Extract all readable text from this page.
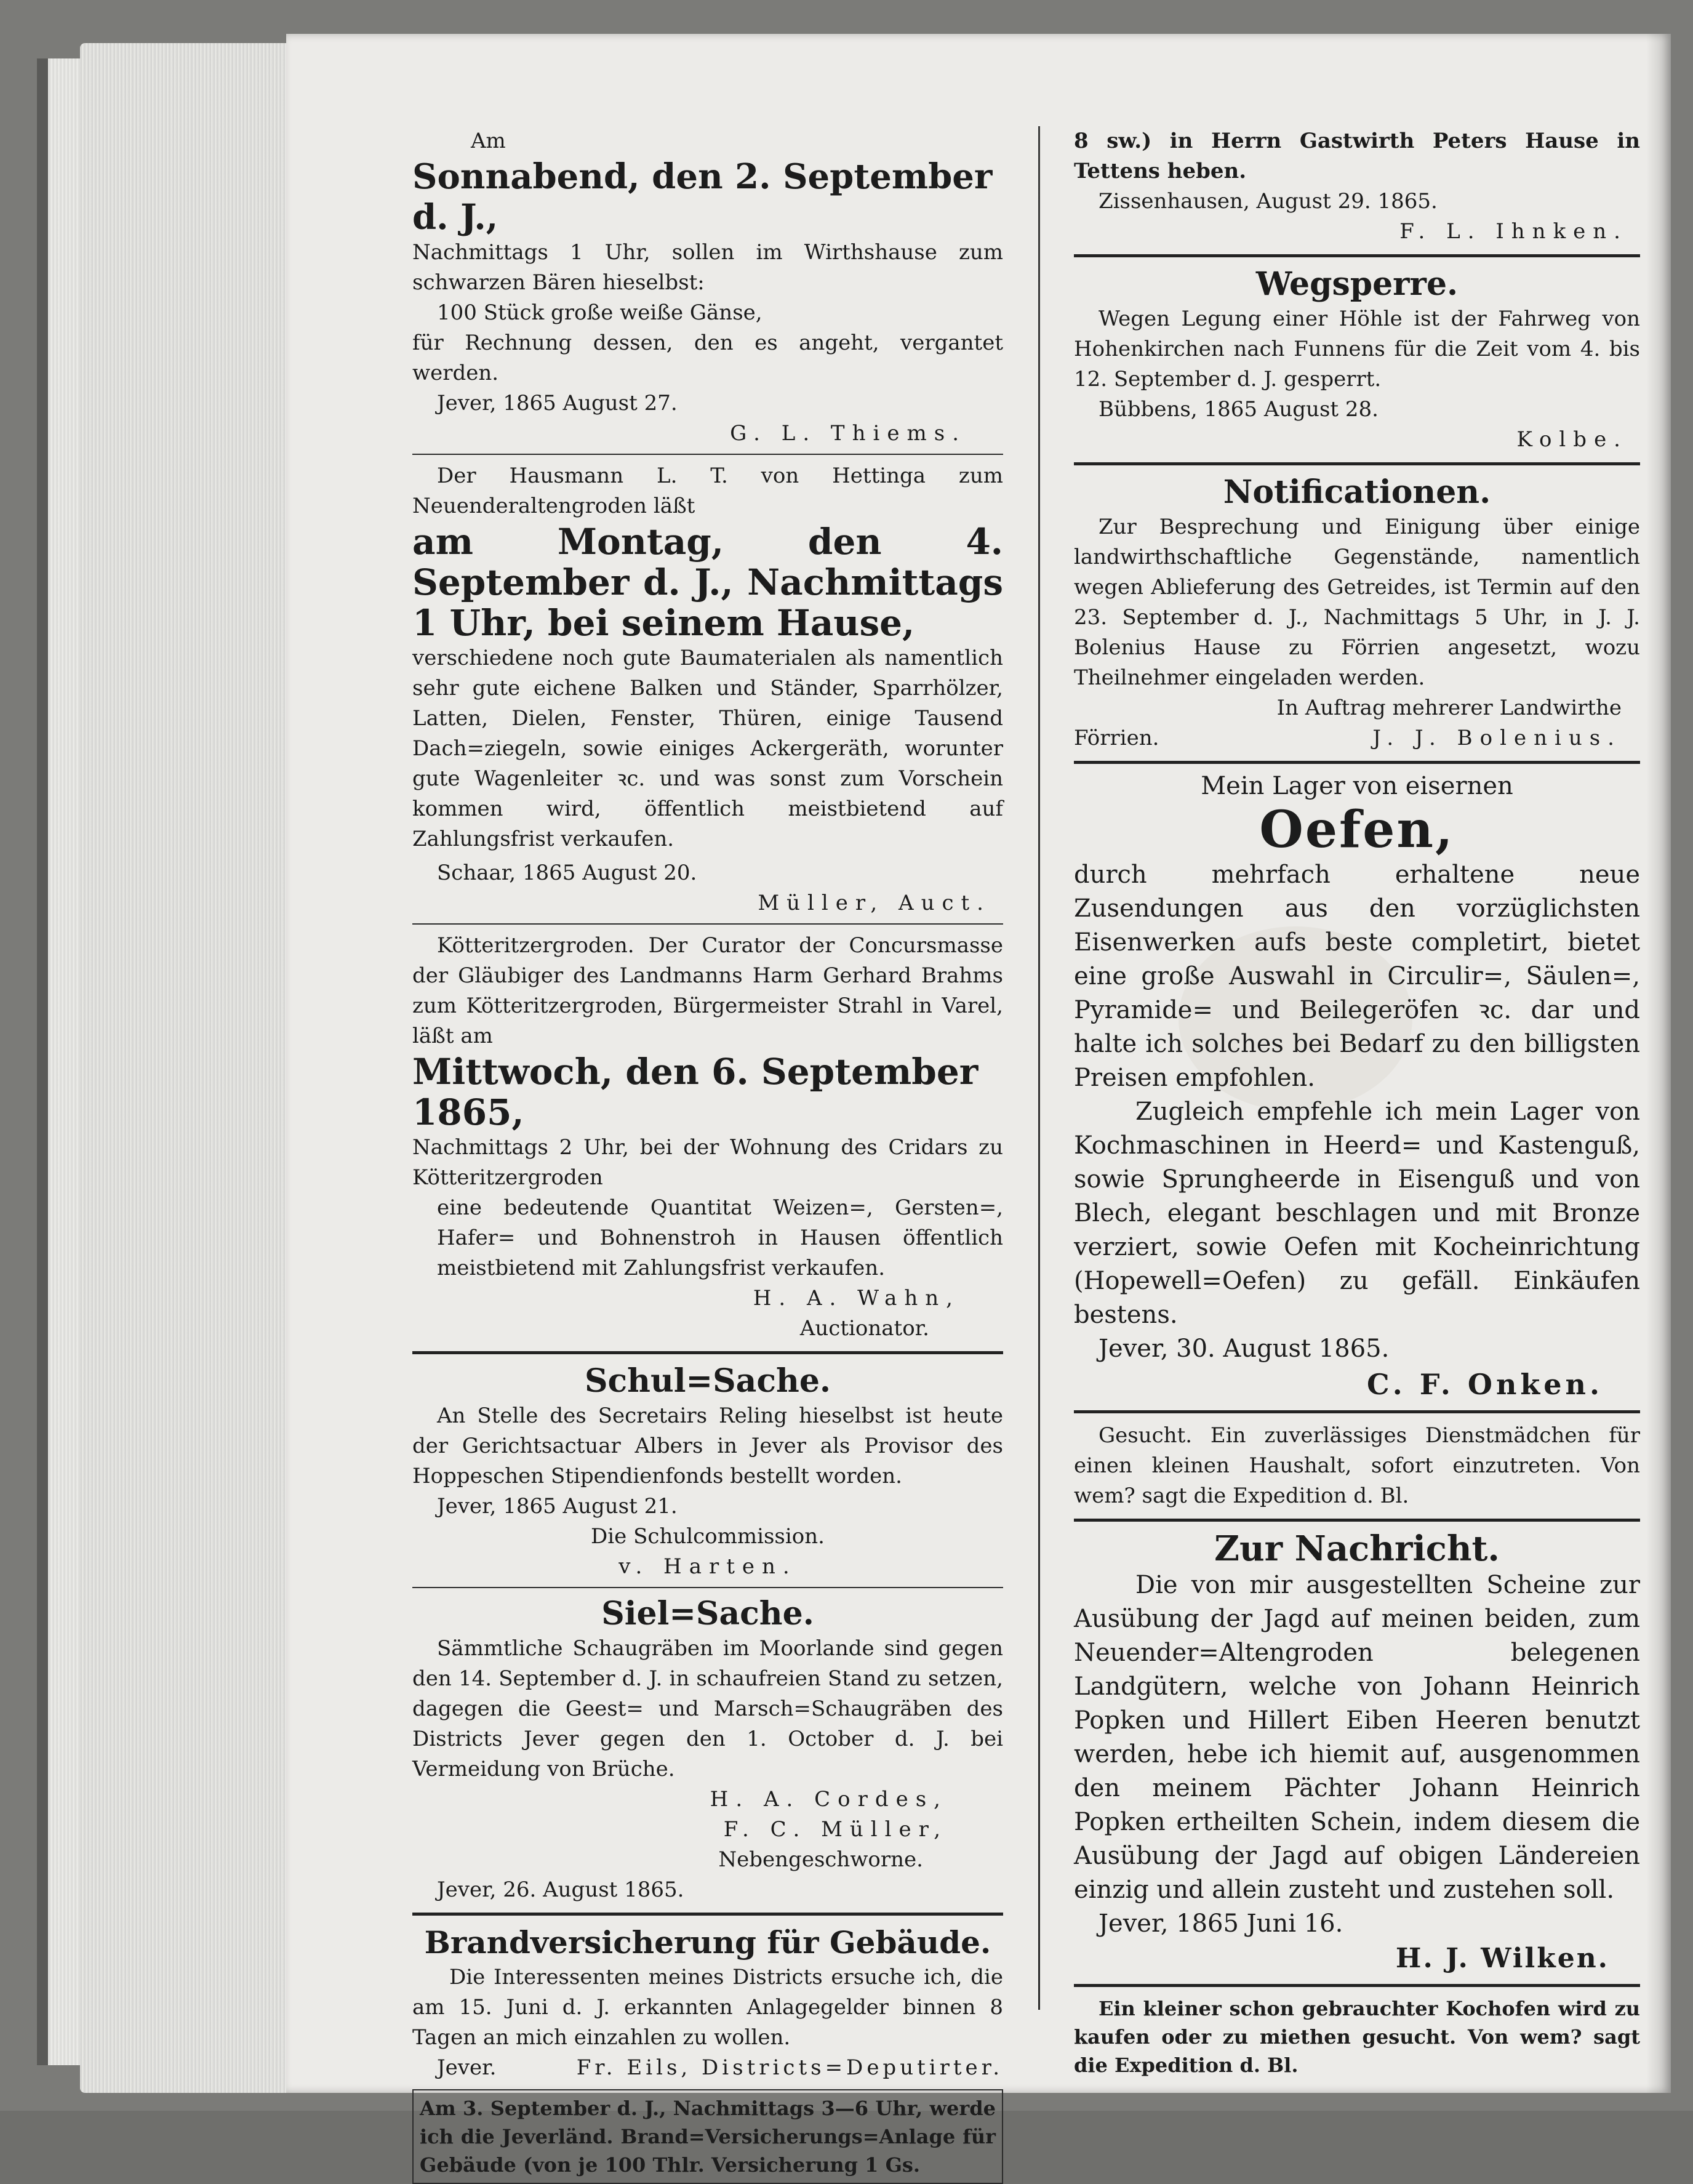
Am
Sonnabend, den 2. September d. J.,
Nachmittags 1 Uhr, sollen im Wirthshause zum schwarzen Bären hieselbst:
100 Stück große weiße Gänse,
für Rechnung dessen, den es angeht, vergantet werden.
Jever, 1865 August 27.
G. L. Thiems.
Der Hausmann L. T. von Hettinga zum Neuenderaltengroden läßt
am Montag, den 4. September d. J., Nachmittags 1 Uhr, bei seinem Hause,
verschiedene noch gute Baumaterialen als namentlich sehr gute eichene Balken und Ständer, Sparrhölzer, Latten, Dielen, Fenster, Thüren, einige Tausend Dach=ziegeln, sowie einiges Ackergeräth, worunter gute Wagenleiter ꝛc. und was sonst zum Vorschein kommen wird, öffentlich meistbietend auf Zahlungsfrist verkaufen.
Schaar, 1865 August 20.
Müller, Auct.
Kötteritzergroden. Der Curator der Concursmasse der Gläubiger des Landmanns Harm Gerhard Brahms zum Kötteritzergroden, Bürgermeister Strahl in Varel, läßt am
Mittwoch, den 6. September 1865,
Nachmittags 2 Uhr, bei der Wohnung des Cridars zu Kötteritzergroden
eine bedeutende Quantitat Weizen=, Gersten=, Hafer= und Bohnenstroh in Hausen öffentlich meistbietend mit Zahlungsfrist verkaufen.
H. A. Wahn,
Auctionator.
Schul=Sache.
An Stelle des Secretairs Reling hieselbst ist heute der Gerichtsactuar Albers in Jever als Provisor des Hoppeschen Stipendienfonds bestellt worden.
Jever, 1865 August 21.
Die Schulcommission.
v. Harten.
Siel=Sache.
Sämmtliche Schaugräben im Moorlande sind gegen den 14. September d. J. in schaufreien Stand zu setzen, dagegen die Geest= und Marsch=Schaugräben des Districts Jever gegen den 1. October d. J. bei Vermeidung von Brüche.
H. A. Cordes,
F. C. Müller,
Nebengeschworne.
Jever, 26. August 1865.
Brandversicherung für Gebäude.
Die Interessenten meines Districts ersuche ich, die am 15. Juni d. J. erkannten Anlagegelder binnen 8 Tagen an mich einzahlen zu wollen.
Jever.	Fr. Eils, Districts=Deputirter.
Am 3. September d. J., Nachmittags 3—6 Uhr, werde ich die Jeverländ. Brand=Versicherungs=Anlage für Gebäude (von je 100 Thlr. Versicherung 1 Gs.
8 sw.) in Herrn Gastwirth Peters Hause in Tettens heben.
Zissenhausen, August 29. 1865.
F. L. Ihnken.
Wegsperre.
Wegen Legung einer Höhle ist der Fahrweg von Hohenkirchen nach Funnens für die Zeit vom 4. bis 12. September d. J. gesperrt.
Bübbens, 1865 August 28.
Kolbe.
Notificationen.
Zur Besprechung und Einigung über einige landwirthschaftliche Gegenstände, namentlich wegen Ablieferung des Getreides, ist Termin auf den 23. September d. J., Nachmittags 5 Uhr, in J. J. Bolenius Hause zu Förrien angesetzt, wozu Theilnehmer eingeladen werden.
In Auftrag mehrerer Landwirthe
Förrien.	J. J. Bolenius.
Mein Lager von eisernen
Oefen,
durch mehrfach erhaltene neue Zusendungen aus den vorzüglichsten Eisenwerken aufs beste completirt, bietet eine große Auswahl in Circulir=, Säulen=, Pyramide= und Beilegeröfen ꝛc. dar und halte ich solches bei Bedarf zu den billigsten Preisen empfohlen.
Zugleich empfehle ich mein Lager von Kochmaschinen in Heerd= und Kastenguß, sowie Sprungheerde in Eisenguß und von Blech, elegant beschlagen und mit Bronze verziert, sowie Oefen mit Kocheinrichtung (Hopewell=Oefen) zu gefäll. Einkäufen bestens.
Jever, 30. August 1865.
C. F. Onken.
Gesucht. Ein zuverlässiges Dienstmädchen für einen kleinen Haushalt, sofort einzutreten. Von wem? sagt die Expedition d. Bl.
Zur Nachricht.
Die von mir ausgestellten Scheine zur Ausübung der Jagd auf meinen beiden, zum Neuender=Altengroden belegenen Landgütern, welche von Johann Heinrich Popken und Hillert Eiben Heeren benutzt werden, hebe ich hiemit auf, ausgenommen den meinem Pächter Johann Heinrich Popken ertheilten Schein, indem diesem die Ausübung der Jagd auf obigen Ländereien einzig und allein zusteht und zustehen soll.
Jever, 1865 Juni 16.
H. J. Wilken.
Ein kleiner schon gebrauchter Kochofen wird zu kaufen oder zu miethen gesucht. Von wem? sagt die Expedition d. Bl.
